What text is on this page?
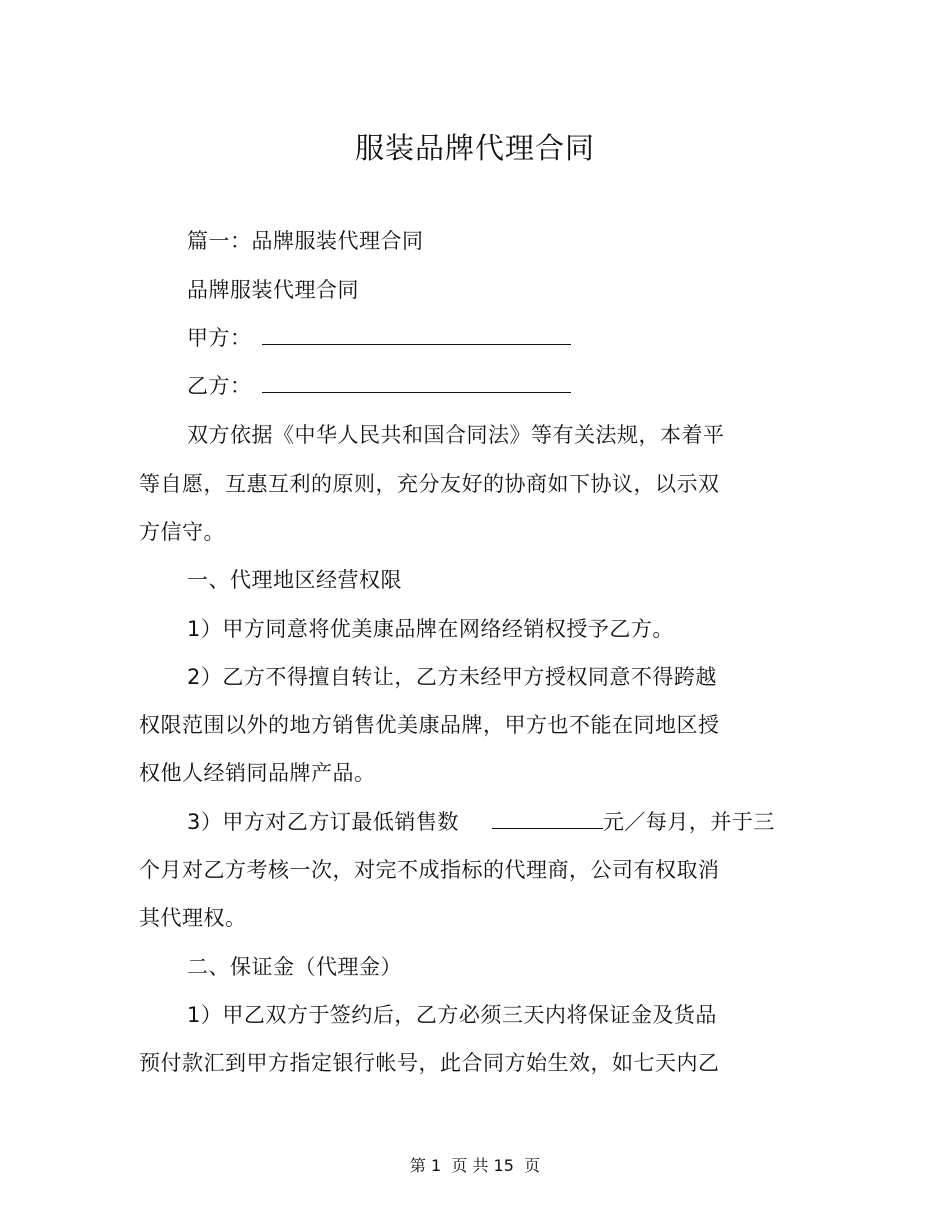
服装品牌代理合同
篇一：品牌服装代理合同
品牌服装代理合同
甲方：
乙方：
双方依据《中华人民共和国合同法》等有关法规，本着平
等自愿，互惠互利的原则，充分友好的协商如下协议，以示双
方信守。
一、代理地区经营权限
1）甲方同意将优美康品牌在网络经销权授予乙方。
2）乙方不得擅自转让，乙方未经甲方授权同意不得跨越
权限范围以外的地方销售优美康品牌，甲方也不能在同地区授
权他人经销同品牌产品。
3）甲方对乙方订最低销售数	元／每月，并于三
个月对乙方考核一次，对完不成指标的代理商，公司有权取消
其代理权。
二、保证金（代理金）
1）甲乙双方于签约后，乙方必须三天内将保证金及货品
预付款汇到甲方指定银行帐号，此合同方始生效，如七天内乙
第 1  页 共 15  页
